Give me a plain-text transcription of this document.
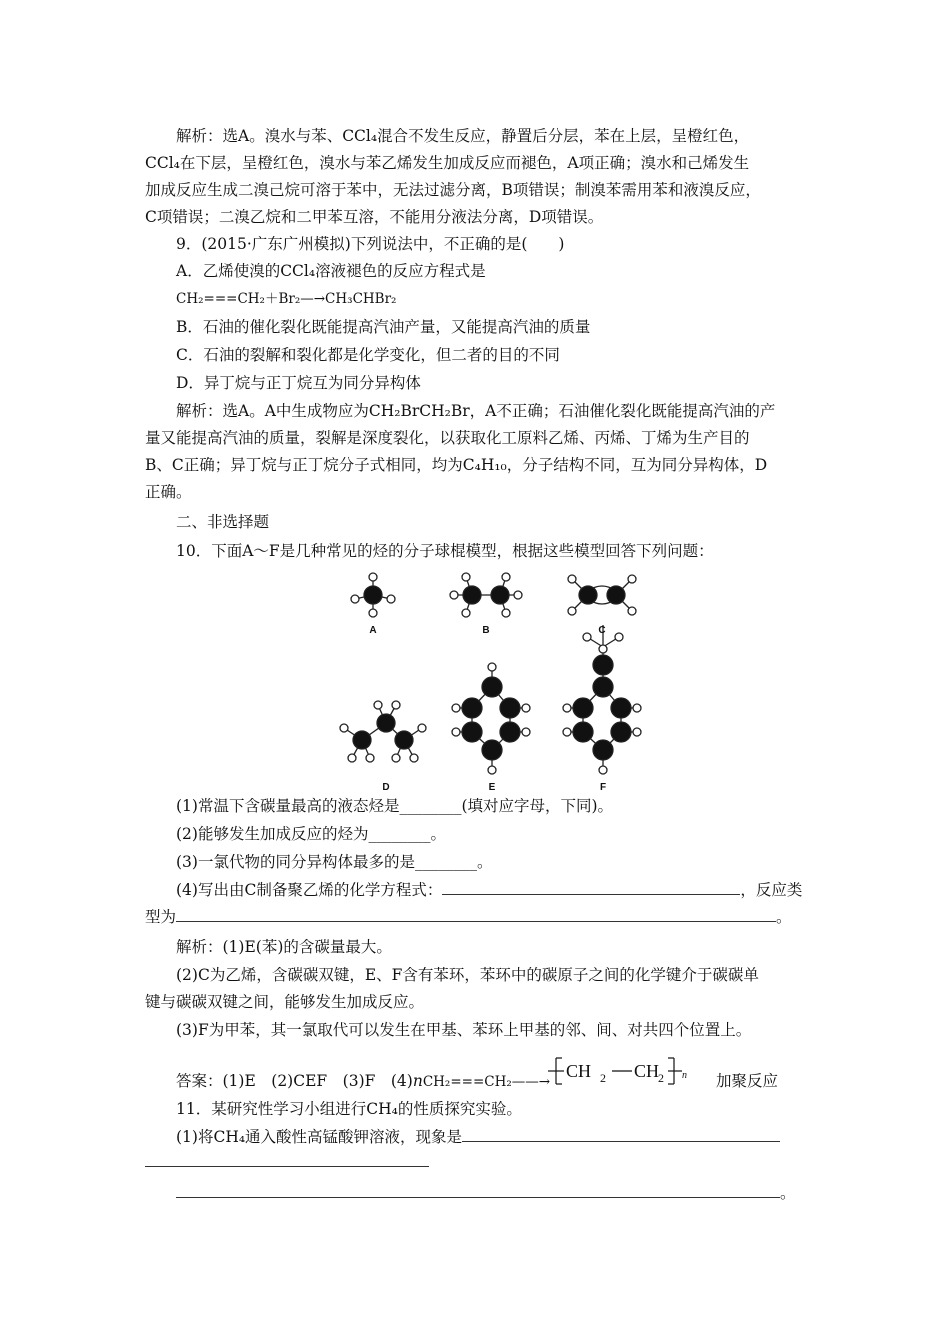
解析：选A。溴水与苯、CCl₄混合不发生反应，静置后分层，苯在上层，呈橙红色，
CCl₄在下层，呈橙红色，溴水与苯乙烯发生加成反应而褪色，A项正确；溴水和己烯发生
加成反应生成二溴己烷可溶于苯中，无法过滤分离，B项错误；制溴苯需用苯和液溴反应，
C项错误；二溴乙烷和二甲苯互溶，不能用分液法分离，D项错误。
9．(2015·广东广州模拟)下列说法中，不正确的是(　　)
A．乙烯使溴的CCl₄溶液褪色的反应方程式是
CH₂===CH₂＋Br₂—→CH₃CHBr₂
B．石油的催化裂化既能提高汽油产量，又能提高汽油的质量
C．石油的裂解和裂化都是化学变化，但二者的目的不同
D．异丁烷与正丁烷互为同分异构体
解析：选A。A中生成物应为CH₂BrCH₂Br，A不正确；石油催化裂化既能提高汽油的产
量又能提高汽油的质量，裂解是深度裂化，以获取化工原料乙烯、丙烯、丁烯为生产目的
B、C正确；异丁烷与正丁烷分子式相同，均为C₄H₁₀，分子结构不同，互为同分异构体，D
正确。
二、非选择题
10．下面A～F是几种常见的烃的分子球棍模型，根据这些模型回答下列问题：
A	B	C
D	E	F
(1)常温下含碳量最高的液态烃是________(填对应字母，下同)。
(2)能够发生加成反应的烃为________。
(3)一氯代物的同分异构体最多的是________。
(4)写出由C制备聚乙烯的化学方程式：	，反应类
型为	。
解析：(1)E(苯)的含碳量最大。
(2)C为乙烯，含碳碳双键，E、F含有苯环，苯环中的碳原子之间的化学键介于碳碳单
键与碳碳双键之间，能够发生加成反应。
(3)F为甲苯，其一氯取代可以发生在甲基、苯环上甲基的邻、间、对共四个位置上。
答案：(1)E　(2)CEF　(3)F　(4)nCH₂===CH₂——→
CH 2 CH
2 n 加聚反应
11．某研究性学习小组进行CH₄的性质探究实验。
(1)将CH₄通入酸性高锰酸钾溶液，现象是
。
